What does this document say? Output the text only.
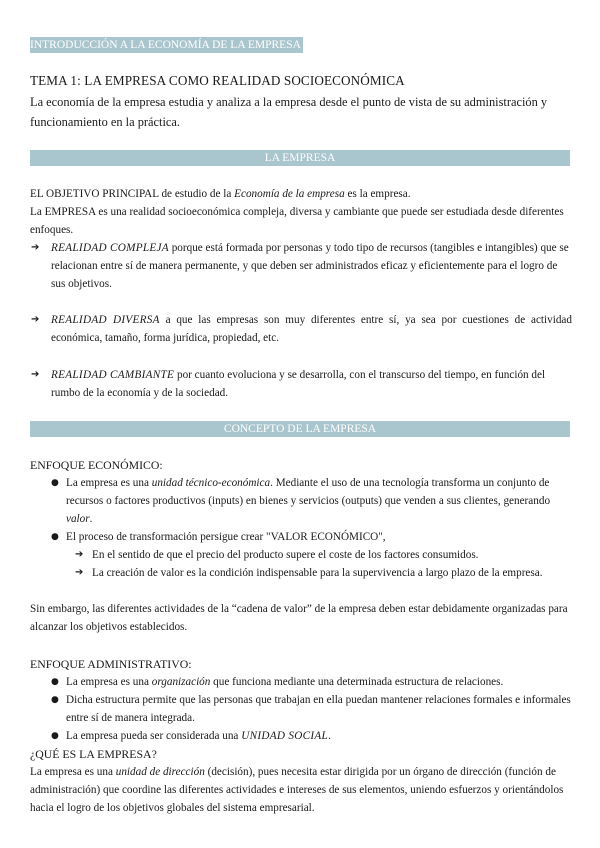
INTRODUCCIÓN A LA ECONOMÍA DE LA EMPRESA
TEMA 1: LA EMPRESA COMO REALIDAD SOCIOECONÓMICA

La economía de la empresa estudia y analiza a la empresa desde el punto de vista de su administración y funcionamiento en la práctica.

LA EMPRESA

EL OBJETIVO PRINCIPAL de estudio de la Economía de la empresa es la empresa.

La EMPRESA es una realidad socioeconómica compleja, diversa y cambiante que puede ser estudiada desde diferentes enfoques.

➔ REALIDAD COMPLEJA porque está formada por personas y todo tipo de recursos (tangibles e intangibles) que se relacionan entre sí de manera permanente, y que deben ser administrados eficaz y eficientemente para el logro de sus objetivos.
➔ REALIDAD DIVERSA a que las empresas son muy diferentes entre sí, ya sea por cuestiones de actividad económica, tamaño, forma jurídica, propiedad, etc.
➔ REALIDAD CAMBIANTE por cuanto evoluciona y se desarrolla, con el transcurso del tiempo, en función del rumbo de la economía y de la sociedad.
CONCEPTO DE LA EMPRESA
ENFOQUE ECONÓMICO:
● La empresa es una unidad técnico-económica. Mediante el uso de una tecnología transforma un conjunto de recursos o factores productivos (inputs) en bienes y servicios (outputs) que venden a sus clientes, generando valor.
● El proceso de transformación persigue crear "VALOR ECONÓMICO",
➔ En el sentido de que el precio del producto supere el coste de los factores consumidos.
➔ La creación de valor es la condición indispensable para la supervivencia a largo plazo de la empresa.

Sin embargo, las diferentes actividades de la “cadena de valor” de la empresa deben estar debidamente organizadas para alcanzar los objetivos establecidos.

ENFOQUE ADMINISTRATIVO:
● La empresa es una organización que funciona mediante una determinada estructura de relaciones.
● Dicha estructura permite que las personas que trabajan en ella puedan mantener relaciones formales e informales entre sí de manera integrada.
● La empresa pueda ser considerada una UNIDAD SOCIAL.
¿QUÉ ES LA EMPRESA?

La empresa es una unidad de dirección (decisión), pues necesita estar dirigida por un órgano de dirección (función de administración) que coordine las diferentes actividades e intereses de sus elementos, uniendo esfuerzos y orientándolos hacia el logro de los objetivos globales del sistema empresarial.
